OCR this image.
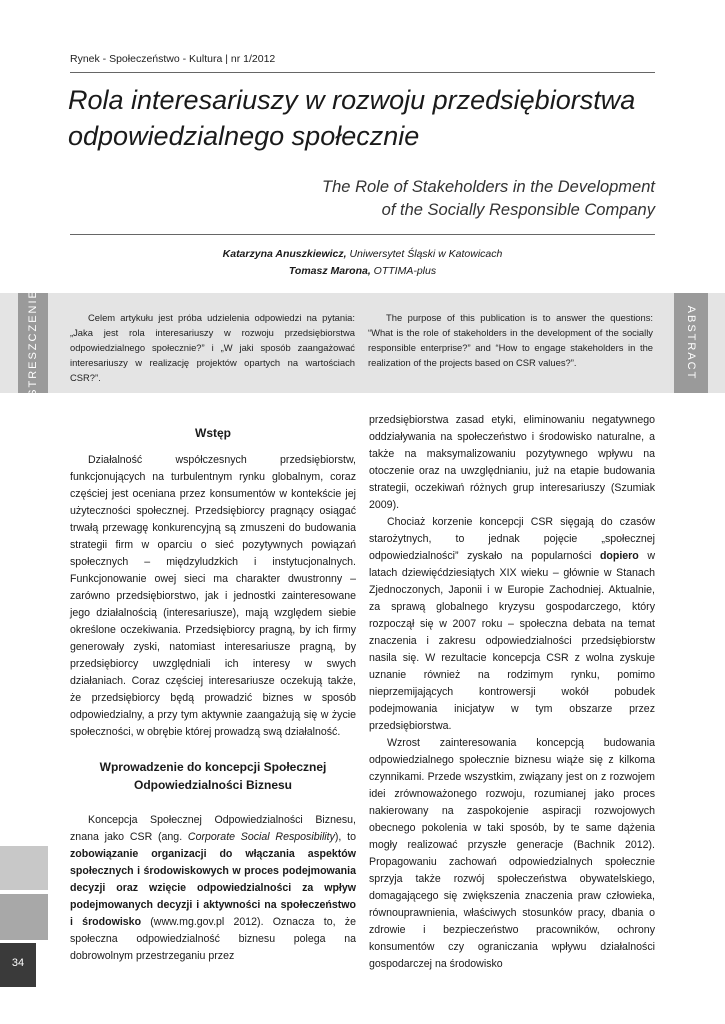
Rynek - Społeczeństwo - Kultura | nr 1/2012
Rola interesariuszy w rozwoju przedsiębiorstwa
odpowiedzialnego społecznie
The Role of Stakeholders in the Development
of the Socially Responsible Company
Katarzyna Anuszkiewicz, Uniwersytet Śląski w Katowicach
Tomasz Marona, OTTIMA-plus
STRESZCZENIE	ABSTRACT

Celem artykułu jest próba udzielenia odpowiedzi na pytania: „Jaka jest rola interesariuszy w rozwoju przedsiębiorstwa odpowiedzialnego społecznie?” i „W jaki sposób zaangażować interesariuszy w realizację projektów opartych na wartościach CSR?”.

The purpose of this publication is to answer the questions: “What is the role of stakeholders in the development of the socially responsible enterprise?” and “How to engage stakeholders in the realization of the projects based on CSR values?”.

Wstęp

Działalność współczesnych przedsiębiorstw, funkcjonujących na turbulentnym rynku globalnym, coraz częściej jest oceniana przez konsumentów w kontekście jej użyteczności społecznej. Przedsiębiorcy pragnący osiągać trwałą przewagę konkurencyjną są zmuszeni do budowania strategii firm w oparciu o sieć pozytywnych powiązań społecznych – międzyludzkich i instytucjonalnych. Funkcjonowanie owej sieci ma charakter dwustronny – zarówno przedsiębiorstwo, jak i jednostki zainteresowane jego działalnością (interesariusze), mają względem siebie określone oczekiwania. Przedsiębiorcy pragną, by ich firmy generowały zyski, natomiast interesariusze pragną, by przedsiębiorcy uwzględniali ich interesy w swych działaniach. Coraz częściej interesariusze oczekują także, że przedsiębiorcy będą prowadzić biznes w sposób odpowiedzialny, a przy tym aktywnie zaangażują się w życie społeczności, w obrębie której prowadzą swą działalność.

Wprowadzenie do koncepcji Społecznej
Odpowiedzialności Biznesu

Koncepcja Społecznej Odpowiedzialności Biznesu, znana jako CSR (ang. Corporate Social Resposibility), to zobowiązanie organizacji do włączania aspektów społecznych i środowiskowych w proces podejmowania decyzji oraz wzięcie odpowiedzialności za wpływ podejmowanych decyzji i aktywności na społeczeństwo i środowisko (www.mg.gov.pl 2012). Oznacza to, że społeczna odpowiedzialność biznesu polega na dobrowolnym przestrzeganiu przez

przedsiębiorstwa zasad etyki, eliminowaniu negatywnego oddziaływania na społeczeństwo i środowisko naturalne, a także na maksymalizowaniu pozytywnego wpływu na otoczenie oraz na uwzględnianiu, już na etapie budowania strategii, oczekiwań różnych grup interesariuszy (Szumiak 2009).

Chociaż korzenie koncepcji CSR sięgają do czasów starożytnych, to jednak pojęcie „społecznej odpowiedzialności” zyskało na popularności dopiero w latach dziewięćdziesiątych XIX wieku – głównie w Stanach Zjednoczonych, Japonii i w Europie Zachodniej. Aktualnie, za sprawą globalnego kryzysu gospodarczego, który rozpoczął się w 2007 roku – społeczna debata na temat znaczenia i zakresu odpowiedzialności przedsiębiorstw nasila się. W rezultacie koncepcja CSR z wolna zyskuje uznanie również na rodzimym rynku, pomimo nieprzemijających kontrowersji wokół pobudek podejmowania inicjatyw w tym obszarze przez przedsiębiorstwa.

Wzrost zainteresowania koncepcją budowania odpowiedzialnego społecznie biznesu wiąże się z kilkoma czynnikami. Przede wszystkim, związany jest on z rozwojem idei zrównoważonego rozwoju, rozumianej jako proces nakierowany na zaspokojenie aspiracji rozwojowych obecnego pokolenia w taki sposób, by te same dążenia mogły realizować przyszłe generacje (Bachnik 2012). Propagowaniu zachowań odpowiedzialnych społecznie sprzyja także rozwój społeczeństwa obywatelskiego, domagającego się zwiększenia znaczenia praw człowieka, równouprawnienia, właściwych stosunków pracy, dbania o zdrowie i bezpieczeństwo pracowników, ochrony konsumentów czy ograniczania wpływu działalności gospodarczej na środowisko

34
